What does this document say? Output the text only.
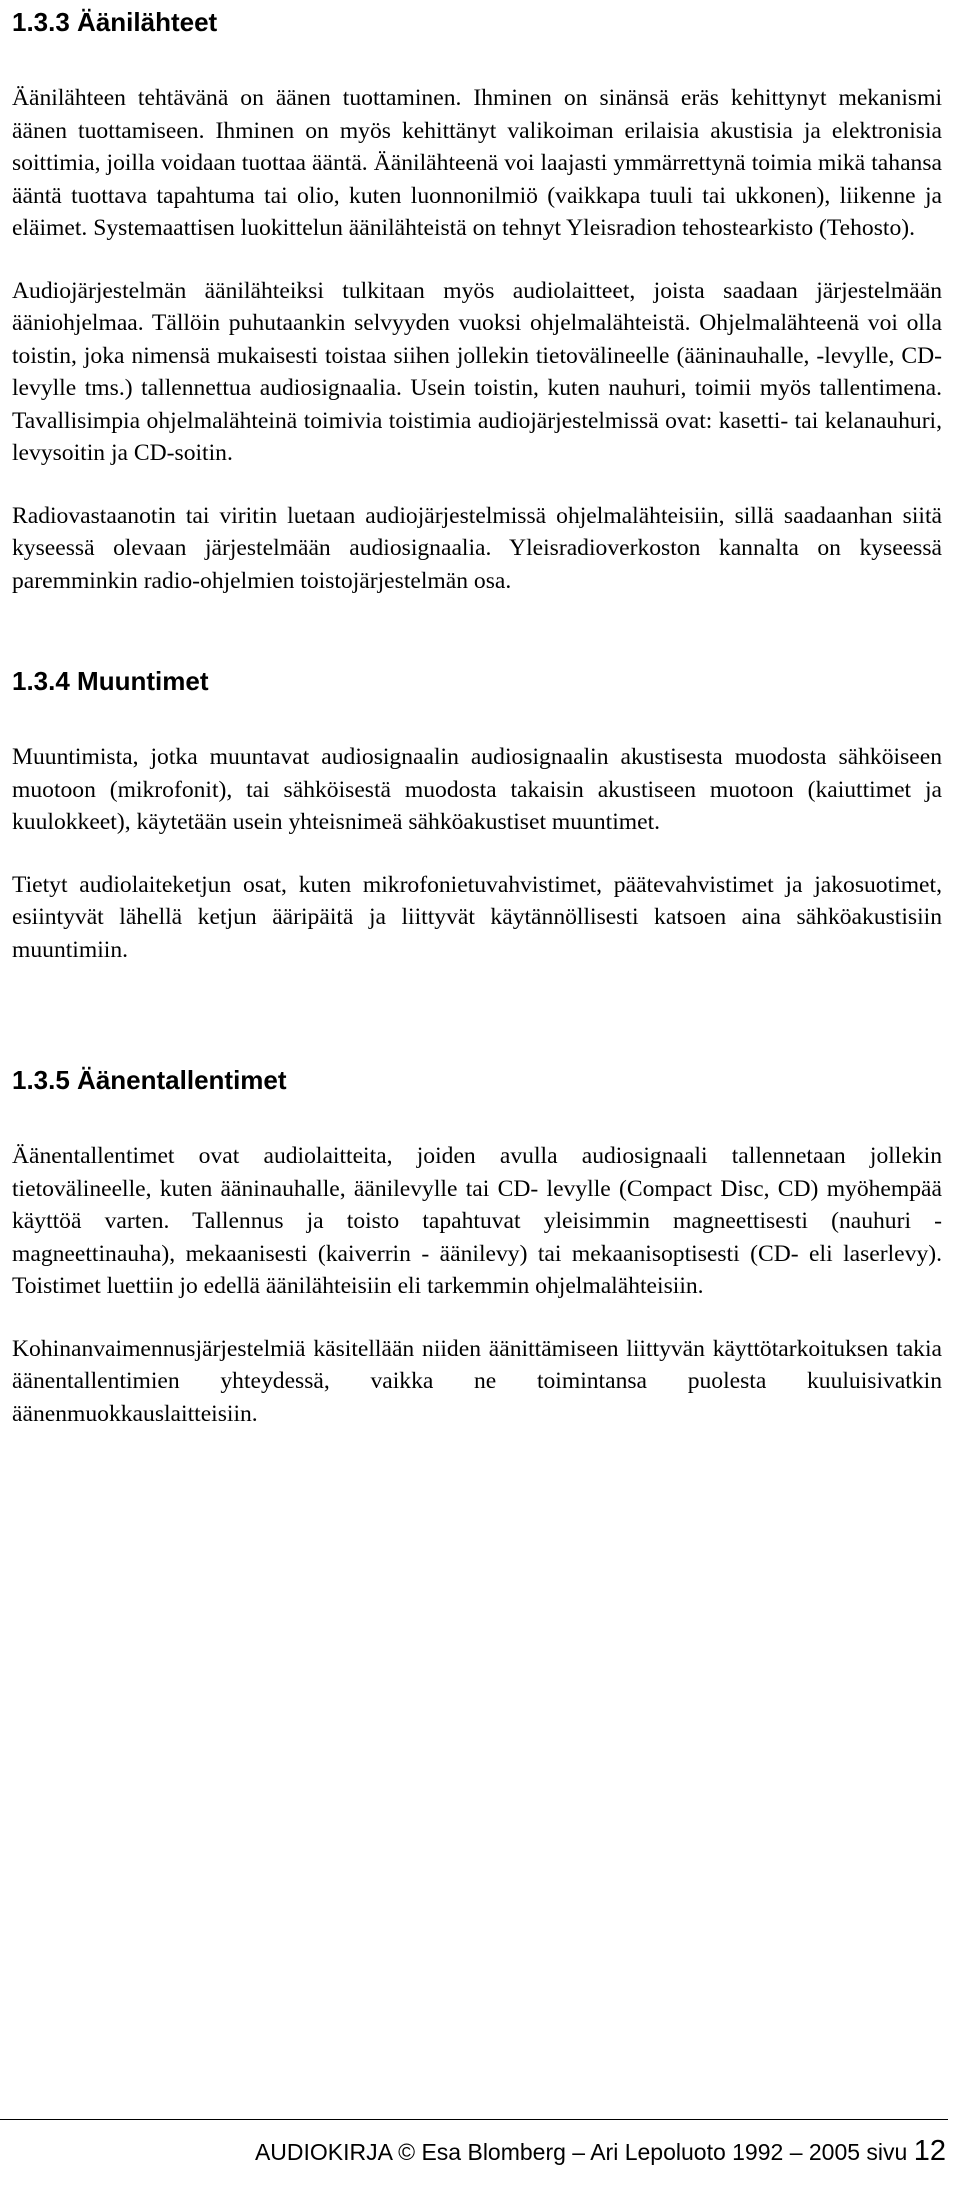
1.3.3 Äänilähteet

Äänilähteen tehtävänä on äänen tuottaminen. Ihminen on sinänsä eräs kehittynyt mekanismi äänen tuottamiseen. Ihminen on myös kehittänyt valikoiman erilaisia akustisia ja elektronisia soittimia, joilla voidaan tuottaa ääntä. Äänilähteenä voi laajasti ymmärrettynä toimia mikä tahansa ääntä tuottava tapahtuma tai olio, kuten luonnonilmiö (vaikkapa tuuli tai ukkonen), liikenne ja eläimet. Systemaattisen luokittelun äänilähteistä on tehnyt Yleisradion tehostearkisto (Tehosto).

Audiojärjestelmän äänilähteiksi tulkitaan myös audiolaitteet, joista saadaan järjestelmään ääniohjelmaa. Tällöin puhutaankin selvyyden vuoksi ohjelmalähteistä. Ohjelmalähteenä voi olla toistin, joka nimensä mukaisesti toistaa siihen jollekin tietovälineelle (ääninauhalle, -levylle, CD-levylle tms.) tallennettua audiosignaalia. Usein toistin, kuten nauhuri, toimii myös tallentimena. Tavallisimpia ohjelmalähteinä toimivia toistimia audiojärjestelmissä ovat: kasetti- tai kelanauhuri, levysoitin ja CD-soitin.

Radiovastaanotin tai viritin luetaan audiojärjestelmissä ohjelmalähteisiin, sillä saadaanhan siitä kyseessä olevaan järjestelmään audiosignaalia. Yleisradioverkoston kannalta on kyseessä paremminkin radio-ohjelmien toistojärjestelmän osa.

1.3.4 Muuntimet

Muuntimista, jotka muuntavat audiosignaalin audiosignaalin akustisesta muodosta sähköiseen muotoon (mikrofonit), tai sähköisestä muodosta takaisin akustiseen muotoon (kaiuttimet ja kuulokkeet), käytetään usein yhteisnimeä sähköakustiset muuntimet.

Tietyt audiolaiteketjun osat, kuten mikrofonietuvahvistimet, päätevahvistimet ja jakosuotimet, esiintyvät lähellä ketjun ääripäitä ja liittyvät käytännöllisesti katsoen aina sähköakustisiin muuntimiin.

1.3.5 Äänentallentimet

Äänentallentimet ovat audiolaitteita, joiden avulla audiosignaali tallennetaan jollekin tietovälineelle, kuten ääninauhalle, äänilevylle tai CD- levylle (Compact Disc, CD) myöhempää käyttöä varten. Tallennus ja toisto tapahtuvat yleisimmin magneettisesti (nauhuri - magneettinauha), mekaanisesti (kaiverrin - äänilevy) tai mekaanisoptisesti (CD- eli laserlevy). Toistimet luettiin jo edellä äänilähteisiin eli tarkemmin ohjelmalähteisiin.

Kohinanvaimennusjärjestelmiä käsitellään niiden äänittämiseen liittyvän käyttötarkoituksen takia äänentallentimien yhteydessä, vaikka ne toimintansa puolesta kuuluisivatkin äänenmuokkauslaitteisiin.

AUDIOKIRJA © Esa Blomberg – Ari Lepoluoto 1992 – 2005 sivu 12
